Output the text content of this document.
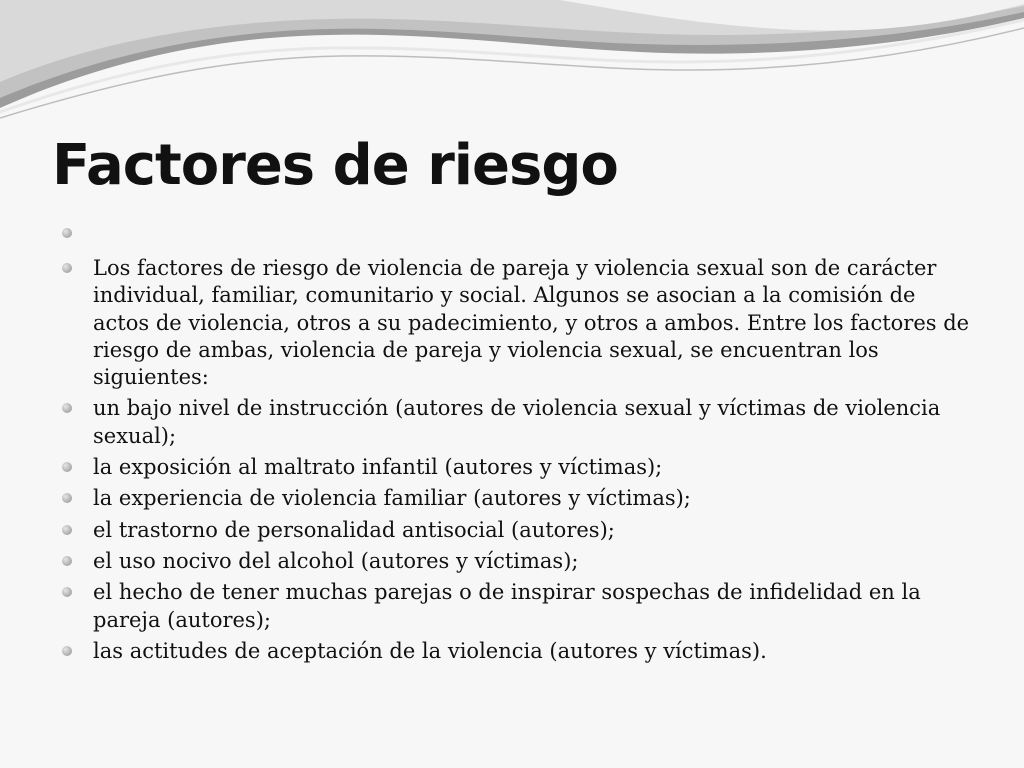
Factores de riesgo
Los factores de riesgo de violencia de pareja y violencia sexual son de carácter individual, familiar, comunitario y social. Algunos se asocian a la comisión de actos de violencia, otros a su padecimiento, y otros a ambos. Entre los factores de riesgo de ambas, violencia de pareja y violencia sexual, se encuentran los siguientes:
un bajo nivel de instrucción (autores de violencia sexual y víctimas de violencia sexual);
la exposición al maltrato infantil (autores y víctimas);
la experiencia de violencia familiar (autores y víctimas);
el trastorno de personalidad antisocial (autores);
el uso nocivo del alcohol (autores y víctimas);
el hecho de tener muchas parejas o de inspirar sospechas de infidelidad en la pareja (autores);
las actitudes de aceptación de la violencia (autores y víctimas).
